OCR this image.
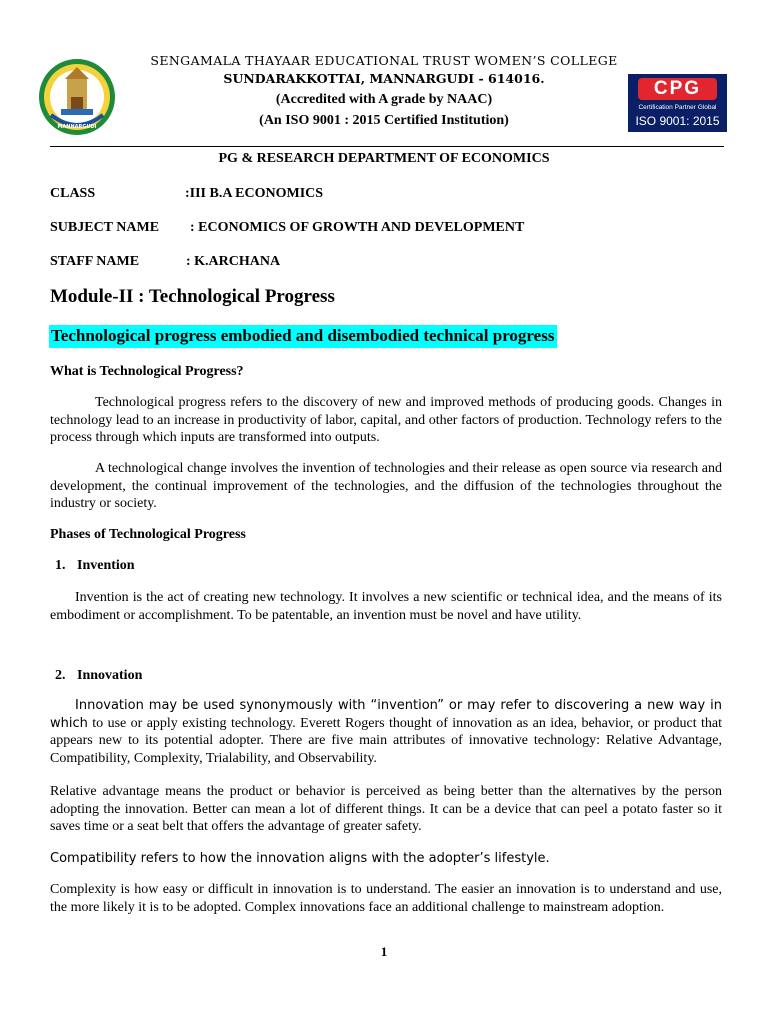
MANNARGUDI
CPG
Certification Partner Global
ISO 9001: 2015
SENGAMALA THAYAAR EDUCATIONAL TRUST WOMEN’S COLLEGE
SUNDARAKKOTTAI, MANNARGUDI - 614016.
(Accredited with A grade by NAAC)
(An ISO 9001 : 2015 Certified Institution)
PG & RESEARCH DEPARTMENT OF ECONOMICS
CLASS	:III B.A ECONOMICS
SUBJECT NAME : ECONOMICS OF GROWTH AND DEVELOPMENT
STAFF NAME	: K.ARCHANA
Module-II : Technological Progress
Technological progress embodied and disembodied technical progress
What is Technological Progress?
Technological progress refers to the discovery of new and improved methods of producing goods. Changes in technology lead to an increase in productivity of labor, capital, and other factors of production. Technology refers to the process through which inputs are transformed into outputs.
A technological change involves the invention of technologies and their release as open source via research and development, the continual improvement of the technologies, and the diffusion of the technologies throughout the industry or society.
Phases of Technological Progress
1. Invention
Invention is the act of creating new technology. It involves a new scientific or technical idea, and the means of its embodiment or accomplishment. To be patentable, an invention must be novel and have utility.
2. Innovation
Innovation may be used synonymously with “invention” or may refer to discovering a new way in which to use or apply existing technology. Everett Rogers thought of innovation as an idea, behavior, or product that appears new to its potential adopter. There are five main attributes of innovative technology: Relative Advantage, Compatibility, Complexity, Trialability, and Observability.
Relative advantage means the product or behavior is perceived as being better than the alternatives by the person adopting the innovation. Better can mean a lot of different things. It can be a device that can peel a potato faster so it saves time or a seat belt that offers the advantage of greater safety.
Compatibility refers to how the innovation aligns with the adopter’s lifestyle.
Complexity is how easy or difficult in innovation is to understand. The easier an innovation is to understand and use, the more likely it is to be adopted. Complex innovations face an additional challenge to mainstream adoption.
1
